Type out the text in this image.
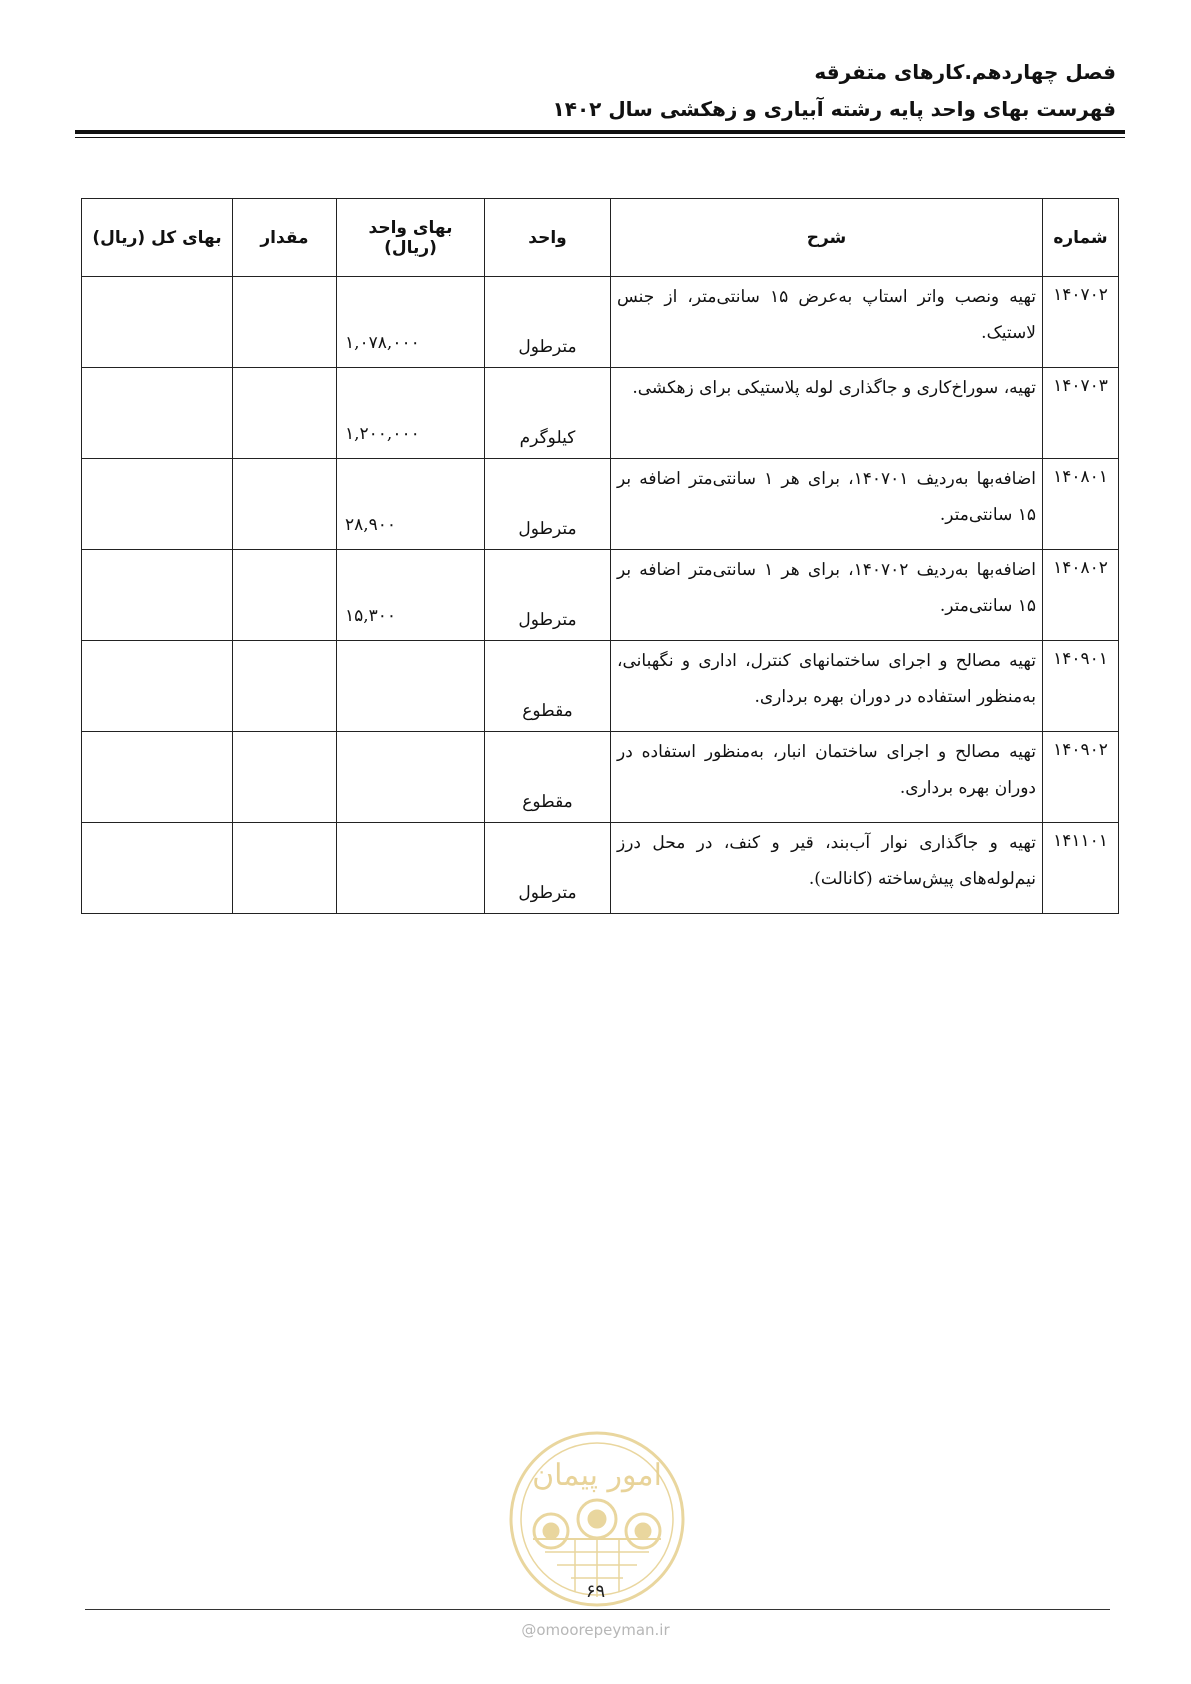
فصل چهاردهم.کارهای متفرقه
فهرست بهای واحد پایه رشته آبیاری و زهکشی سال ۱۴۰۲
شماره	شرح	واحد	بهای واحد (ریال)	مقدار	بهای کل (ریال)
۱۴۰۷۰۲	تهیه ونصب واتر استاپ به‌عرض ۱۵ سانتی‌متر، از جنس لاستیک.	مترطول	۱,۰۷۸,۰۰۰		
۱۴۰۷۰۳	تهیه، سوراخ‌کاری و جاگذاری لوله پلاستیکی برای زهکشی.	کیلوگرم	۱,۲۰۰,۰۰۰		
۱۴۰۸۰۱	اضافه‌بها به‌ردیف ۱۴۰۷۰۱، برای هر ۱ سانتی‌متر اضافه بر ۱۵ سانتی‌متر.	مترطول	۲۸,۹۰۰		
۱۴۰۸۰۲	اضافه‌بها به‌ردیف ۱۴۰۷۰۲، برای هر ۱ سانتی‌متر اضافه بر ۱۵ سانتی‌متر.	مترطول	۱۵,۳۰۰		
۱۴۰۹۰۱	تهیه مصالح و اجرای ساختمانهای کنترل، اداری و نگهبانی، به‌منظور استفاده در دوران بهره برداری.	مقطوع			
۱۴۰۹۰۲	تهیه مصالح و اجرای ساختمان انبار، به‌منظور استفاده در دوران بهره برداری.	مقطوع			
۱۴۱۱۰۱	تهیه و جاگذاری نوار آب‌بند، قیر و کنف، در محل درز نیم‌لوله‌های پیش‌ساخته (کانالت).	مترطول			
امور پیمان
۶۹
@omoorepeyman.ir
